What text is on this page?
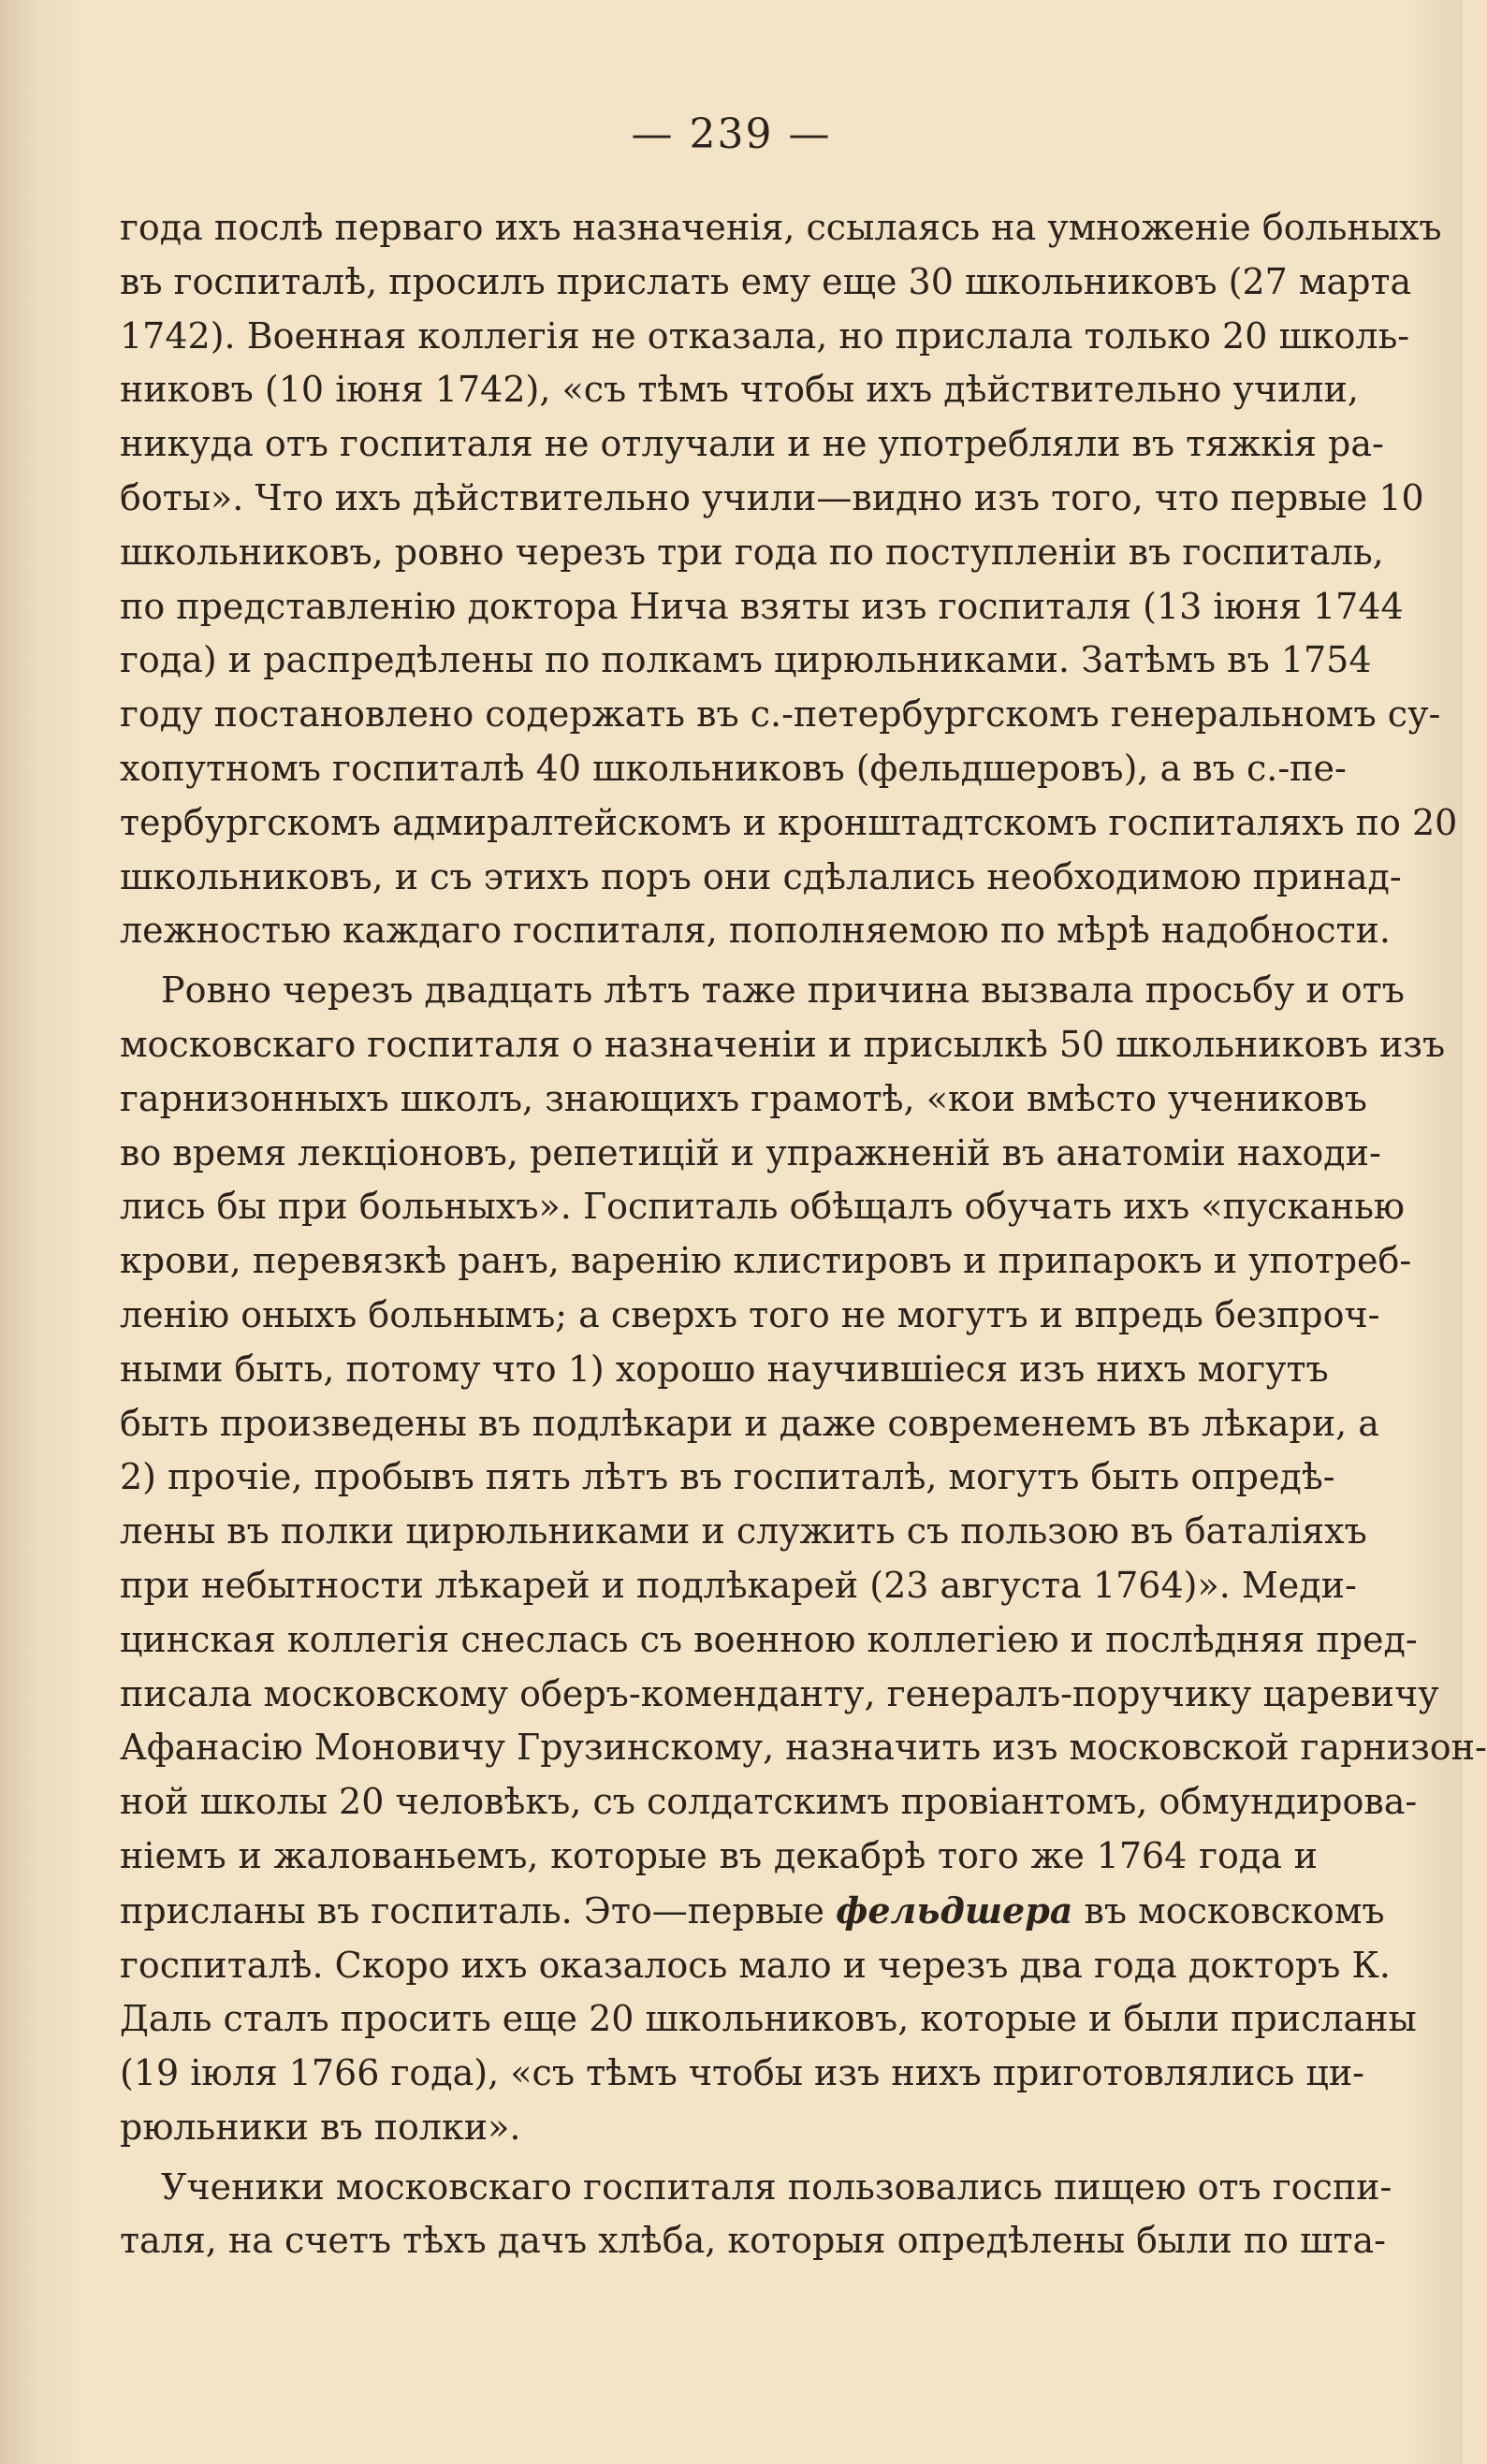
— 239 —

года послѣ перваго ихъ назначенія, ссылаясь на умноженіе больныхъ
въ госпиталѣ, просилъ прислать ему еще 30 школьниковъ (27 марта
1742). Военная коллегія не отказала, но прислала только 20 школь-
никовъ (10 іюня 1742), «съ тѣмъ чтобы ихъ дѣйствительно учили,
никуда отъ госпиталя не отлучали и не употребляли въ тяжкія ра-
боты». Что ихъ дѣйствительно учили—видно изъ того, что первые 10
школьниковъ, ровно черезъ три года по поступленіи въ госпиталь,
по представленію доктора Нича взяты изъ госпиталя (13 іюня 1744
года) и распредѣлены по полкамъ цирюльниками. Затѣмъ въ 1754
году постановлено содержать въ с.-петербургскомъ генеральномъ су-
хопутномъ госпиталѣ 40 школьниковъ (фельдшеровъ), а въ с.-пе-
тербургскомъ адмиралтейскомъ и кронштадтскомъ госпиталяхъ по 20
школьниковъ, и съ этихъ поръ они сдѣлались необходимою принад-
лежностью каждаго госпиталя, пополняемою по мѣрѣ надобности.

Ровно черезъ двадцать лѣтъ таже причина вызвала просьбу и отъ
московскаго госпиталя о назначеніи и присылкѣ 50 школьниковъ изъ
гарнизонныхъ школъ, знающихъ грамотѣ, «кои вмѣсто учениковъ
во время лекціоновъ, репетицій и упражненій въ анатоміи находи-
лись бы при больныхъ». Госпиталь обѣщалъ обучать ихъ «пусканью
крови, перевязкѣ ранъ, варенію клистировъ и припарокъ и употреб-
ленію оныхъ больнымъ; а сверхъ того не могутъ и впредь безпроч-
ными быть, потому что 1) хорошо научившіеся изъ нихъ могутъ
быть произведены въ подлѣкари и даже современемъ въ лѣкари, а
2) прочіе, пробывъ пять лѣтъ въ госпиталѣ, могутъ быть опредѣ-
лены въ полки цирюльниками и служить съ пользою въ баталіяхъ
при небытности лѣкарей и подлѣкарей (23 августа 1764)». Меди-
цинская коллегія снеслась съ военною коллегіею и послѣдняя пред-
писала московскому оберъ-коменданту, генералъ-поручику царевичу
Афанасію Моновичу Грузинскому, назначить изъ московской гарнизон-
ной школы 20 человѣкъ, съ солдатскимъ провіантомъ, обмундирова-
ніемъ и жалованьемъ, которые въ декабрѣ того же 1764 года и
присланы въ госпиталь. Это—первые фельдшера въ московскомъ
госпиталѣ. Скоро ихъ оказалось мало и черезъ два года докторъ К.
Даль сталъ просить еще 20 школьниковъ, которые и были присланы
(19 іюля 1766 года), «съ тѣмъ чтобы изъ нихъ приготовлялись ци-
рюльники въ полки».

Ученики московскаго госпиталя пользовались пищею отъ госпи-
таля, на счетъ тѣхъ дачъ хлѣба, которыя опредѣлены были по шта-
